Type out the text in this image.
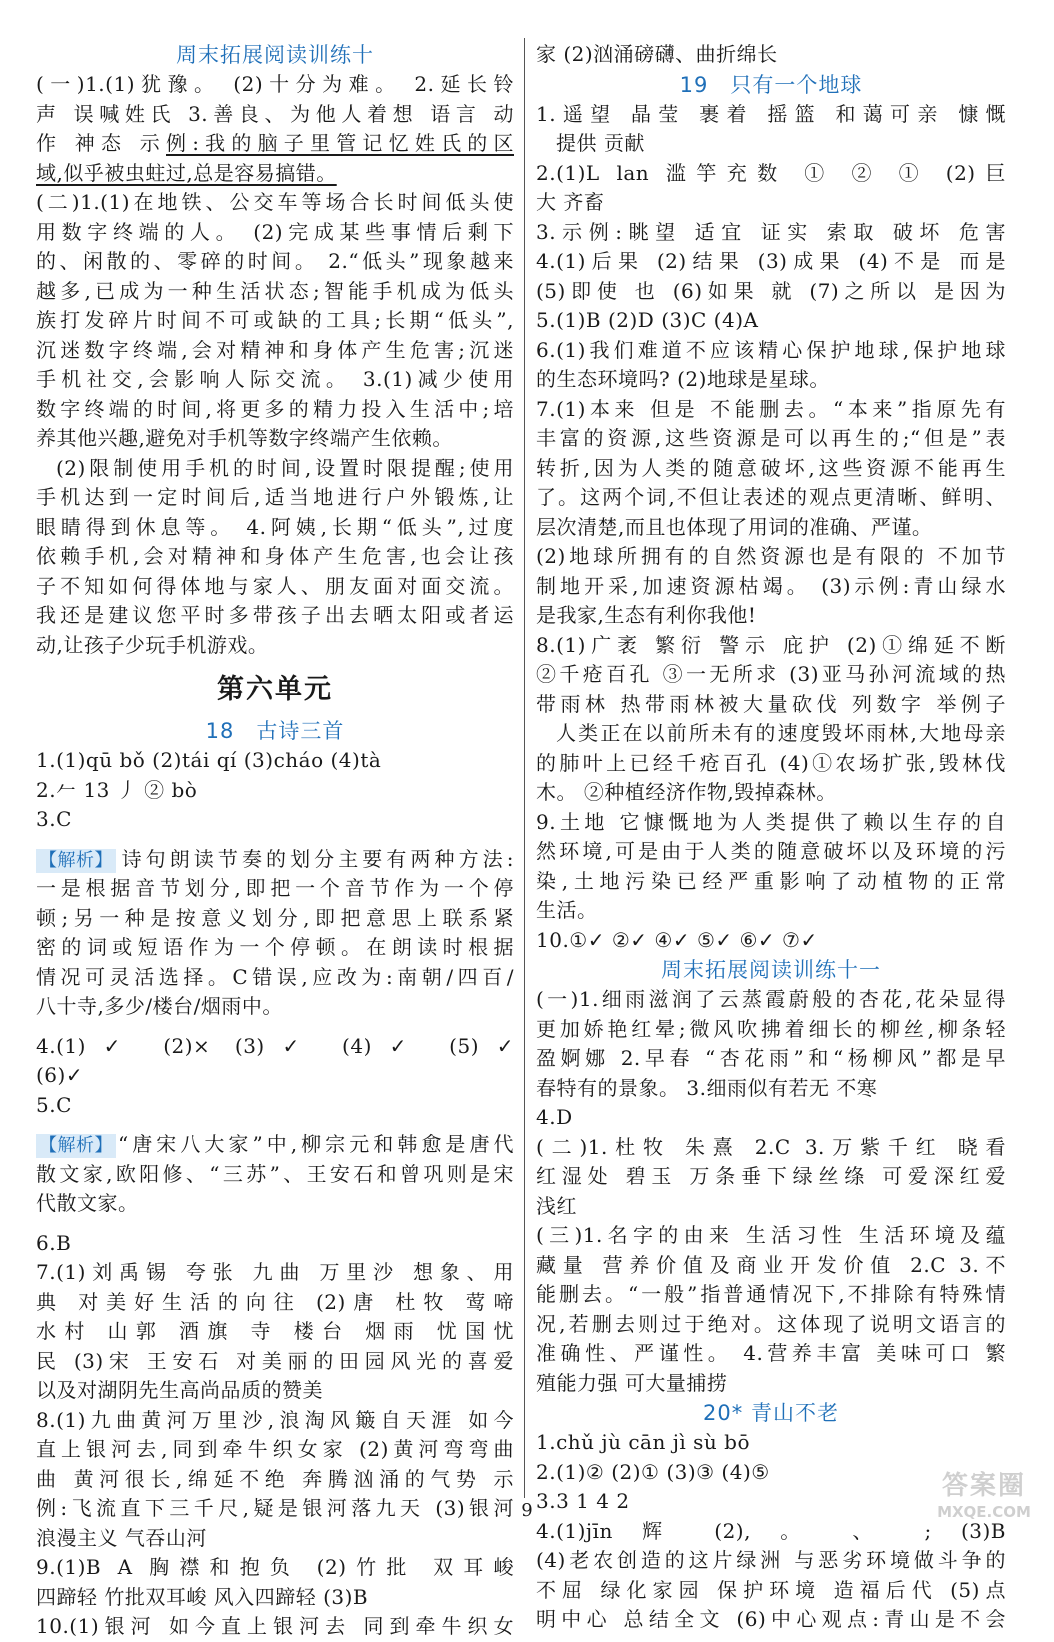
周末拓展阅读训练十
(一)1.(1)犹豫。 (2)十分为难。 2.延长铃
声 误喊姓氏 3.善良、为他人着想 语言 动
作 神态 示例:我的脑子里管记忆姓氏的区
域,似乎被虫蛀过,总是容易搞错。
(二)1.(1)在地铁、公交车等场合长时间低头使
用数字终端的人。 (2)完成某些事情后剩下
的、闲散的、零碎的时间。 2.“低头”现象越来
越多,已成为一种生活状态;智能手机成为低头
族打发碎片时间不可或缺的工具;长期“低头”,
沉迷数字终端,会对精神和身体产生危害;沉迷
手机社交,会影响人际交流。 3.(1)减少使用
数字终端的时间,将更多的精力投入生活中;培
养其他兴趣,避免对手机等数字终端产生依赖。
(2)限制使用手机的时间,设置时限提醒;使用
手机达到一定时间后,适当地进行户外锻炼,让
眼睛得到休息等。 4.阿姨,长期“低头”,过度
依赖手机,会对精神和身体产生危害,也会让孩
子不知如何得体地与家人、朋友面对面交流。
我还是建议您平时多带孩子出去晒太阳或者运
动,让孩子少玩手机游戏。
第六单元
18　古诗三首
1.(1)qū bǒ (2)tái qí (3)cháo (4)tà
2.𠂉 13 丿 ② bò
3.C
【解析】 诗句朗读节奏的划分主要有两种方法:
一是根据音节划分,即把一个音节作为一个停
顿;另一种是按意义划分,即把意思上联系紧
密的词或短语作为一个停顿。在朗读时根据
情况可灵活选择。C错误,应改为:南朝/四百/
八十寺,多少/楼台/烟雨中。
4.(1)✓ (2)× (3)✓ (4)✓ (5)✓
(6)✓
5.C
【解析】 “唐宋八大家”中,柳宗元和韩愈是唐代
散文家,欧阳修、“三苏”、王安石和曾巩则是宋
代散文家。
6.B
7.(1)刘禹锡 夸张 九曲 万里沙 想象、用
典 对美好生活的向往 (2)唐 杜牧 莺啼
水村 山郭 酒旗 寺 楼台 烟雨 忧国忧
民 (3)宋 王安石 对美丽的田园风光的喜爱
以及对湖阴先生高尚品质的赞美
8.(1)九曲黄河万里沙,浪淘风簸自天涯 如今
直上银河去,同到牵牛织女家 (2)黄河弯弯曲
曲 黄河很长,绵延不绝 奔腾汹涌的气势 示
例:飞流直下三千尺,疑是银河落九天 (3)银河
浪漫主义 气吞山河
9.(1)B A 胸襟和抱负 (2)竹批 双耳峻
四蹄轻 竹批双耳峻 风入四蹄轻 (3)B
10.(1)银河 如今直上银河去 同到牵牛织女
家 (2)汹涌磅礴、曲折绵长
19　只有一个地球
1.遥望 晶莹 裹着 摇篮 和蔼可亲 慷慨
提供 贡献
2.(1)L lan 滥竽充数 ① ② ① (2)巨
大 齐畜
3.示例:眺望 适宜 证实 索取 破坏 危害
4.(1)后果 (2)结果 (3)成果 (4)不是 而是
(5)即使 也 (6)如果 就 (7)之所以 是因为
5.(1)B (2)D (3)C (4)A
6.(1)我们难道不应该精心保护地球,保护地球
的生态环境吗? (2)地球是星球。
7.(1)本来 但是 不能删去。“本来”指原先有
丰富的资源,这些资源是可以再生的;“但是”表
转折,因为人类的随意破坏,这些资源不能再生
了。这两个词,不但让表述的观点更清晰、鲜明、
层次清楚,而且也体现了用词的准确、严谨。
(2)地球所拥有的自然资源也是有限的 不加节
制地开采,加速资源枯竭。 (3)示例:青山绿水
是我家,生态有利你我他!
8.(1)广袤 繁衍 警示 庇护 (2)①绵延不断
②千疮百孔 ③一无所求 (3)亚马孙河流域的热
带雨林 热带雨林被大量砍伐 列数字 举例子
人类正在以前所未有的速度毁坏雨林,大地母亲
的肺叶上已经千疮百孔 (4)①农场扩张,毁林伐
木。 ②种植经济作物,毁掉森林。
9.土地 它慷慨地为人类提供了赖以生存的自
然环境,可是由于人类的随意破坏以及环境的污
染,土地污染已经严重影响了动植物的正常
生活。
10.①✓ ②✓ ④✓ ⑤✓ ⑥✓ ⑦✓
周末拓展阅读训练十一
(一)1.细雨滋润了云蒸霞蔚般的杏花,花朵显得
更加娇艳红晕;微风吹拂着细长的柳丝,柳条轻
盈婀娜 2.早春 “杏花雨”和“杨柳风”都是早
春特有的景象。 3.细雨似有若无 不寒
4.D
(二)1.杜牧 朱熹 2.C 3.万紫千红 晓看
红湿处 碧玉 万条垂下绿丝绦 可爱深红爱
浅红
(三)1.名字的由来 生活习性 生活环境及蕴
藏量 营养价值及商业开发价值 2.C 3.不
能删去。“一般”指普通情况下,不排除有特殊情
况,若删去则过于绝对。这体现了说明文语言的
准确性、严谨性。 4.营养丰富 美味可口 繁
殖能力强 可大量捕捞
20* 青山不老
1.chǔ jù cān jì sù bō
2.(1)② (2)① (3)③ (4)⑤
3.3 1 4 2
4.(1)jīn 辉 (2), 。 、 ; (3)B
(4)老农创造的这片绿洲 与恶劣环境做斗争的
不屈 绿化家园 保护环境 造福后代 (5)点
明中心 总结全文 (6)中心观点:青山是不会
9
答案圈
MXQE.COM
